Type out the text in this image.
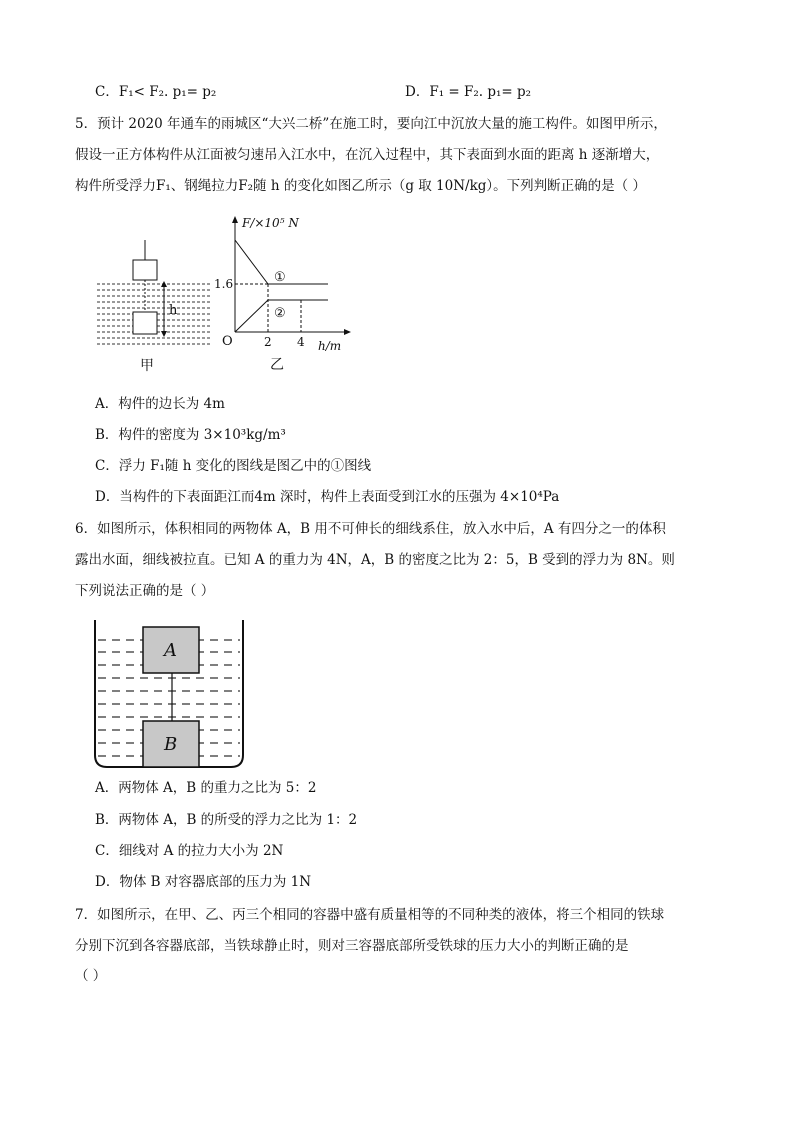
C．F₁< F₂. p₁= p₂	D．F₁ = F₂. p₁= p₂
5．预计 2020 年通车的雨城区“大兴二桥”在施工时，要向江中沉放大量的施工构件。如图甲所示，
假设一正方体构件从江面被匀速吊入江水中，在沉入过程中，其下表面到水面的距离 h 逐渐增大，
构件所受浮力F₁、钢绳拉力F₂随 h 的变化如图乙所示（g 取 10N/kg）。下列判断正确的是（ ）
h
甲
F/×10⁵ N
h/m
O
1.6
2 4
①
②
乙
A．构件的边长为 4m
B．构件的密度为 3×10³kg/m³
C．浮力 F₁随 h 变化的图线是图乙中的①图线
D．当构件的下表面距江而4m 深时，构件上表面受到江水的压强为 4×10⁴Pa
6．如图所示，体积相同的两物体 A，B 用不可伸长的细线系住，放入水中后，A 有四分之一的体积
露出水面，细线被拉直。已知 A 的重力为 4N，A，B 的密度之比为 2：5，B 受到的浮力为 8N。则
下列说法正确的是（ ）
A
B
A．两物体 A，B 的重力之比为 5：2
B．两物体 A，B 的所受的浮力之比为 1：2
C．细线对 A 的拉力大小为 2N
D．物体 B 对容器底部的压力为 1N
7．如图所示，在甲、乙、丙三个相同的容器中盛有质量相等的不同种类的液体，将三个相同的铁球
分别下沉到各容器底部，当铁球静止时，则对三容器底部所受铁球的压力大小的判断正确的是
（ ）
